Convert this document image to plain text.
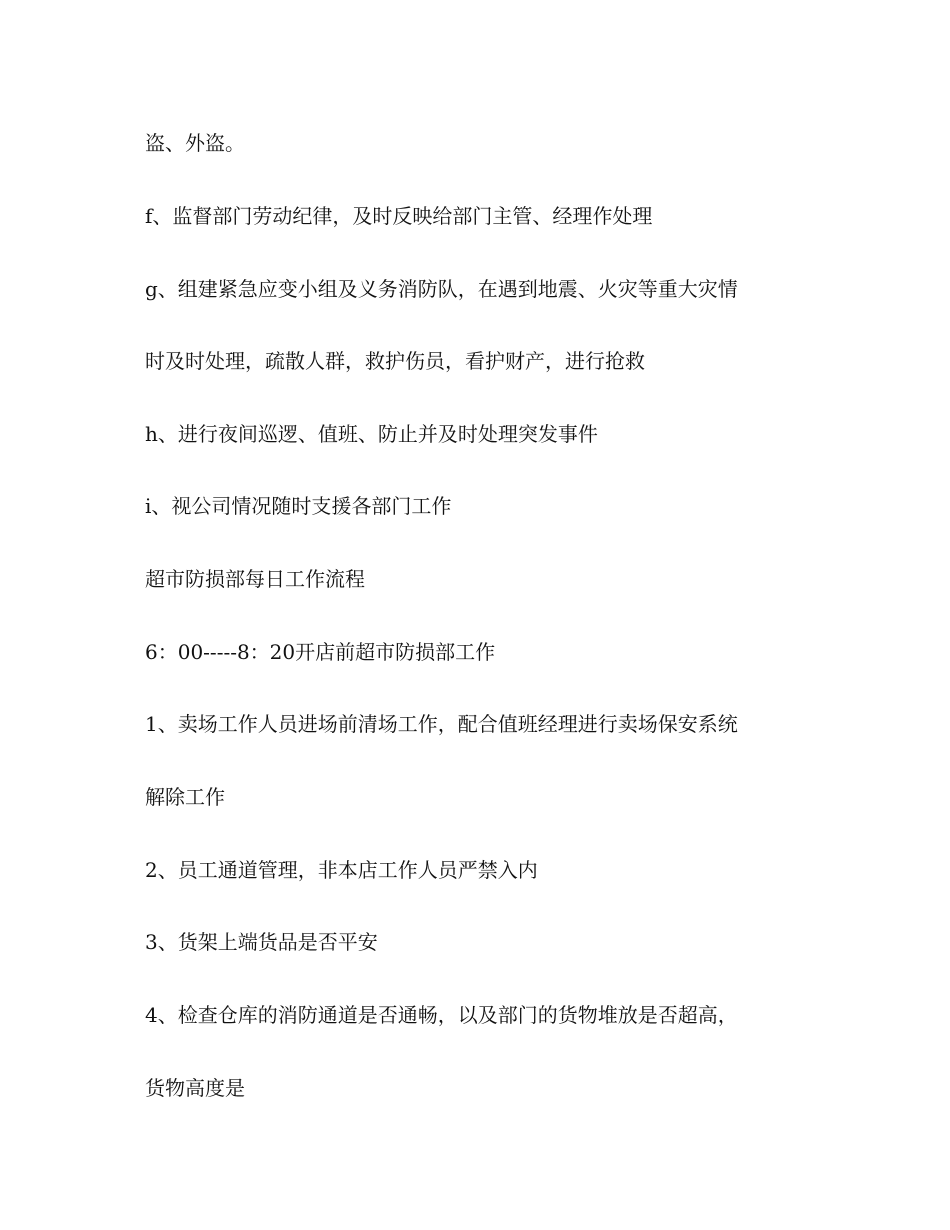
盗、外盗。
f、监督部门劳动纪律，及时反映给部门主管、经理作处理
g、组建紧急应变小组及义务消防队，在遇到地震、火灾等重大灾情
时及时处理，疏散人群，救护伤员，看护财产，进行抢救
h、进行夜间巡逻、值班、防止并及时处理突发事件
i、视公司情况随时支援各部门工作
超市防损部每日工作流程
6：00-----8：20开店前超市防损部工作
1、卖场工作人员进场前清场工作，配合值班经理进行卖场保安系统
解除工作
2、员工通道管理，非本店工作人员严禁入内
3、货架上端货品是否平安
4、检查仓库的消防通道是否通畅，以及部门的货物堆放是否超高，
货物高度是
